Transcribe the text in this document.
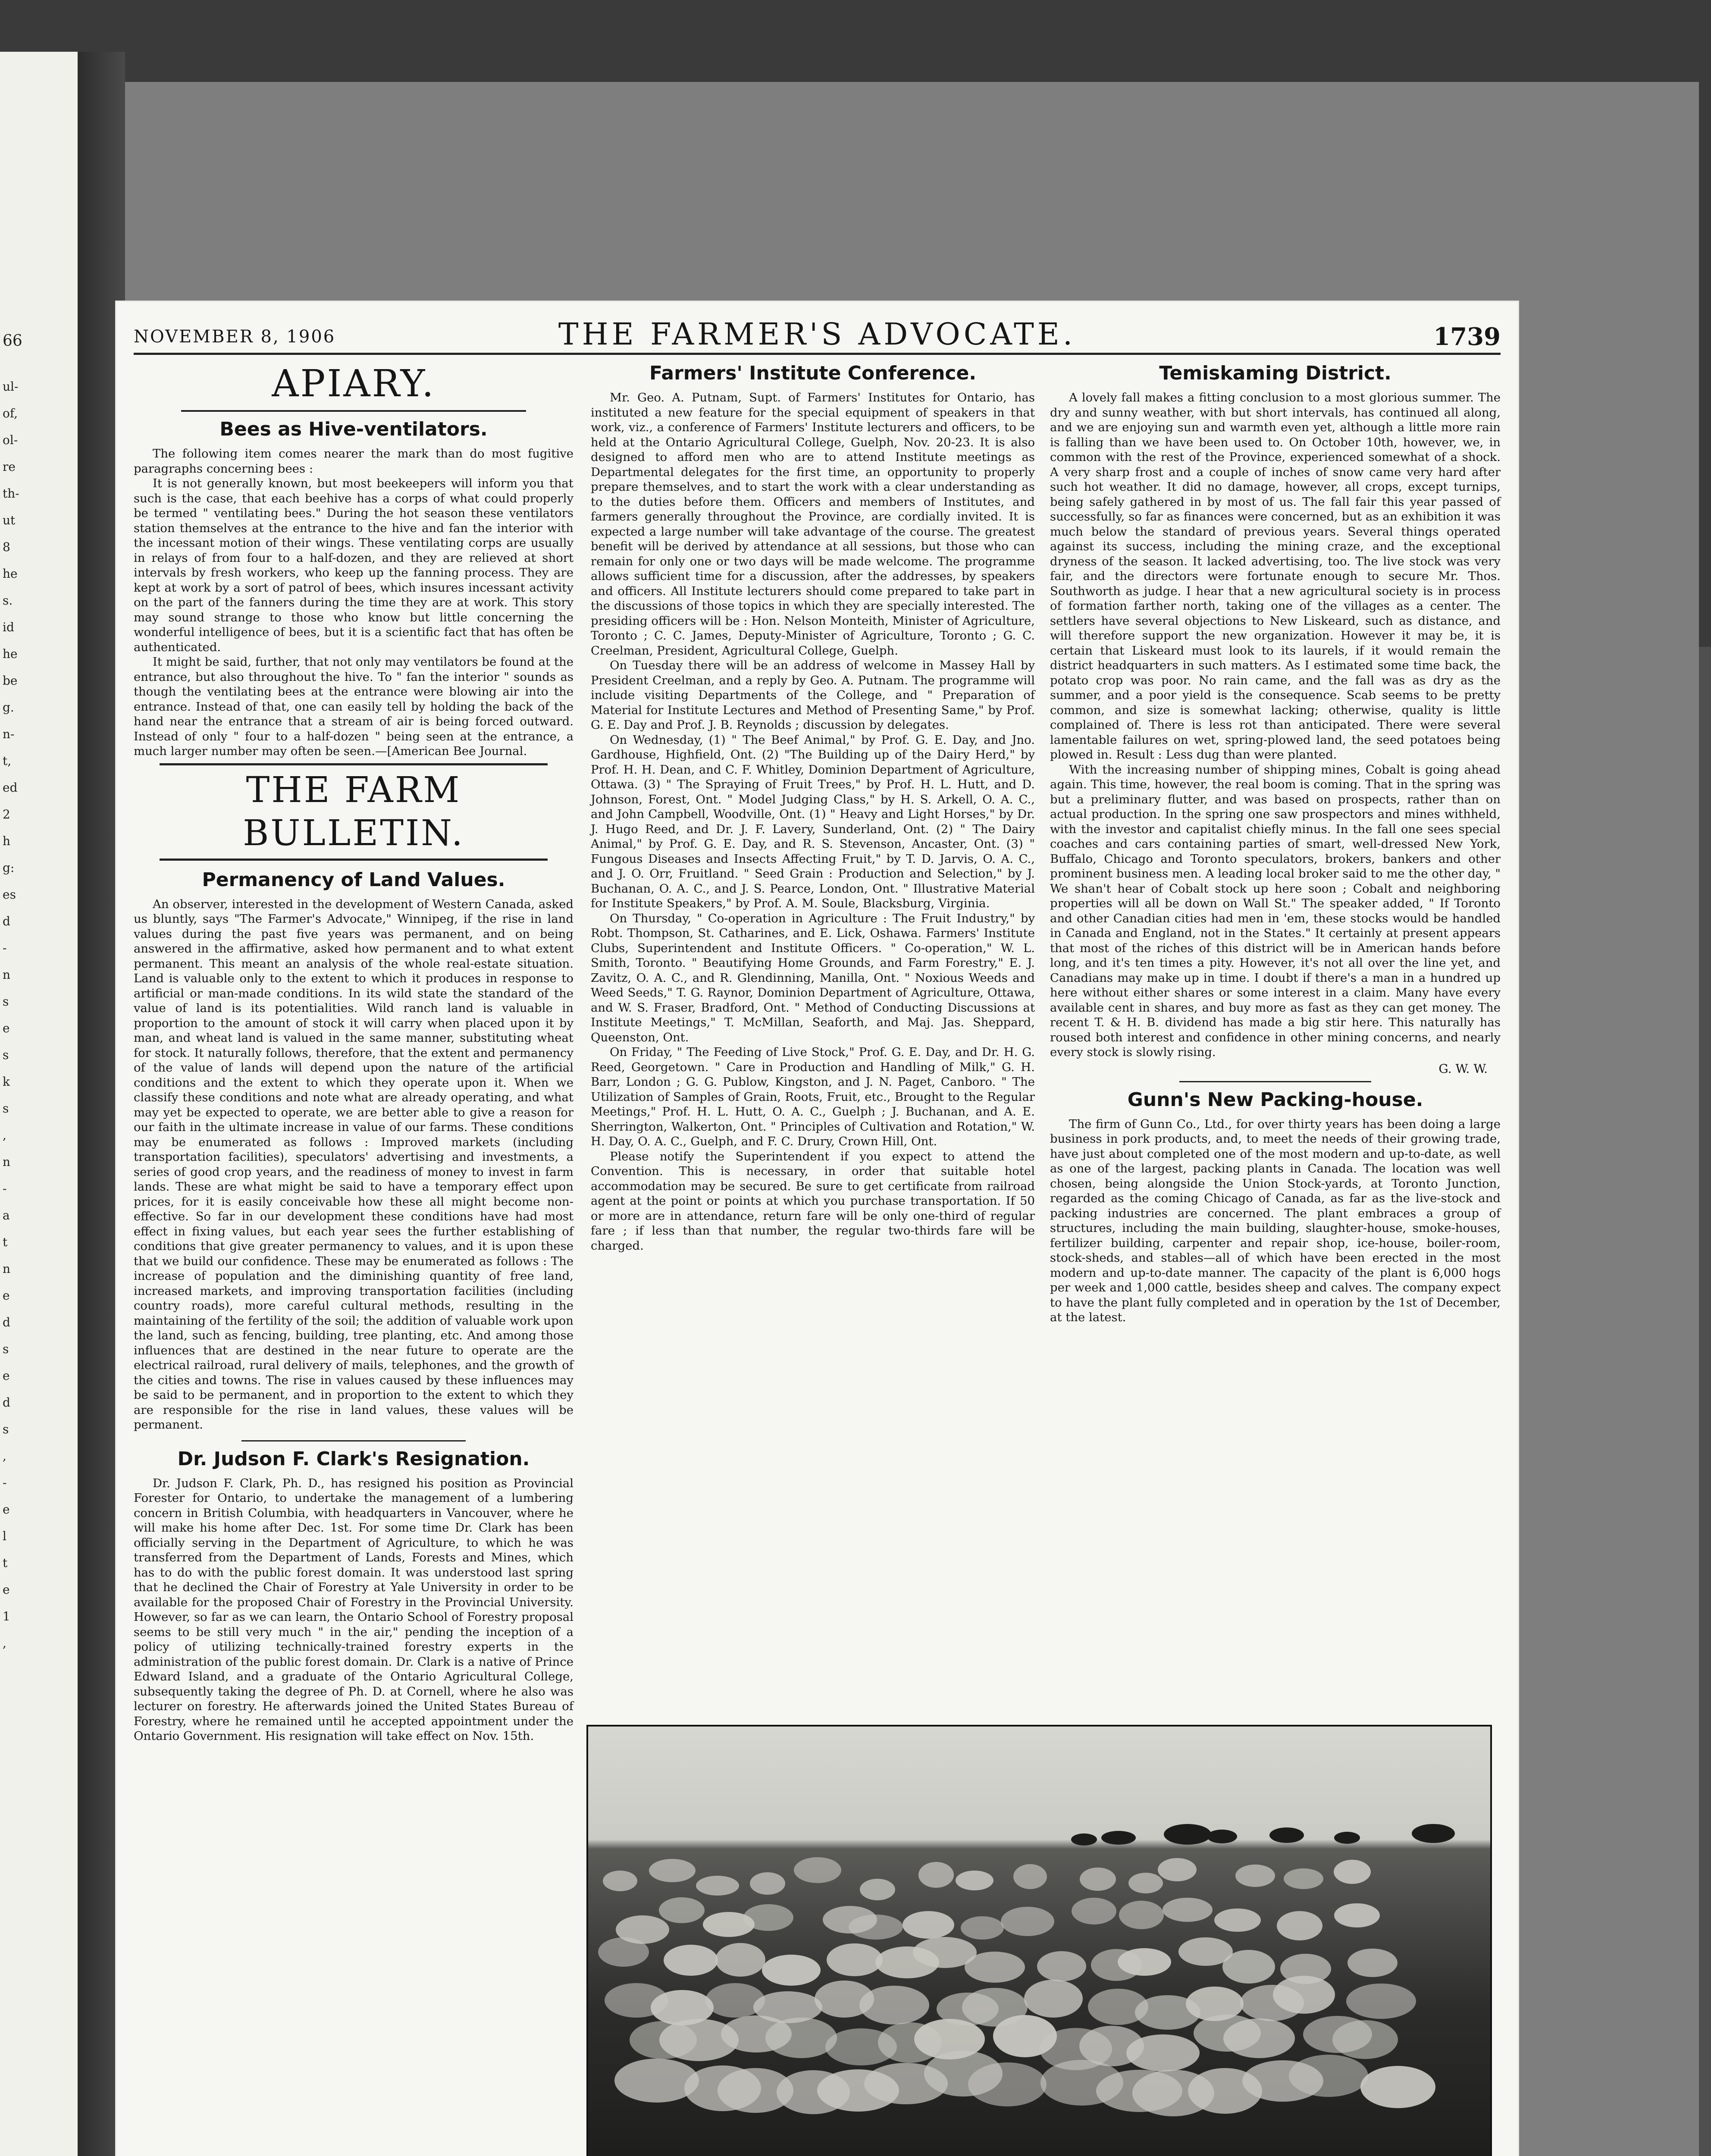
66
ul-
of,
ol-
re
th-
ut
8
he
s.
id
he
be
g.
n-
t,
ed
2
h
g:
es
d
-
n
s
e
s
k
s
,
n
-
a
t
n
e
d
s
e
d
s
,
-
e
l
t
e
1
,
NOVEMBER 8, 1906	THE FARMER'S ADVOCATE.	1739
APIARY.
Bees as Hive-ventilators.

The following item comes nearer the mark than do most fugitive paragraphs concerning bees :

It is not generally known, but most beekeepers will inform you that such is the case, that each beehive has a corps of what could properly be termed " ventilating bees." During the hot season these ventilators station themselves at the entrance to the hive and fan the interior with the incessant motion of their wings. These ventilating corps are usually in relays of from four to a half-dozen, and they are relieved at short intervals by fresh workers, who keep up the fanning process. They are kept at work by a sort of patrol of bees, which insures incessant activity on the part of the fanners during the time they are at work. This story may sound strange to those who know but little concerning the wonderful intelligence of bees, but it is a scientific fact that has often be authenticated.

It might be said, further, that not only may ventilators be found at the entrance, but also throughout the hive. To " fan the interior " sounds as though the ventilating bees at the entrance were blowing air into the entrance. Instead of that, one can easily tell by holding the back of the hand near the entrance that a stream of air is being forced outward. Instead of only " four to a half-dozen " being seen at the entrance, a much larger number may often be seen.—[American Bee Journal.

THE FARM BULLETIN.
Permanency of Land Values.

An observer, interested in the development of Western Canada, asked us bluntly, says "The Farmer's Advocate," Winnipeg, if the rise in land values during the past five years was permanent, and on being answered in the affirmative, asked how permanent and to what extent permanent. This meant an analysis of the whole real-estate situation. Land is valuable only to the extent to which it produces in response to artificial or man-made conditions. In its wild state the standard of the value of land is its potentialities. Wild ranch land is valuable in proportion to the amount of stock it will carry when placed upon it by man, and wheat land is valued in the same manner, substituting wheat for stock. It naturally follows, therefore, that the extent and permanency of the value of lands will depend upon the nature of the artificial conditions and the extent to which they operate upon it. When we classify these conditions and note what are already operating, and what may yet be expected to operate, we are better able to give a reason for our faith in the ultimate increase in value of our farms. These conditions may be enumerated as follows : Improved markets (including transportation facilities), speculators' advertising and investments, a series of good crop years, and the readiness of money to invest in farm lands. These are what might be said to have a temporary effect upon prices, for it is easily conceivable how these all might become non-effective. So far in our development these conditions have had most effect in fixing values, but each year sees the further establishing of conditions that give greater permanency to values, and it is upon these that we build our confidence. These may be enumerated as follows : The increase of population and the diminishing quantity of free land, increased markets, and improving transportation facilities (including country roads), more careful cultural methods, resulting in the maintaining of the fertility of the soil; the addition of valuable work upon the land, such as fencing, building, tree planting, etc. And among those influences that are destined in the near future to operate are the electrical railroad, rural delivery of mails, telephones, and the growth of the cities and towns. The rise in values caused by these influences may be said to be permanent, and in proportion to the extent to which they are responsible for the rise in land values, these values will be permanent.

Dr. Judson F. Clark's Resignation.

Dr. Judson F. Clark, Ph. D., has resigned his position as Provincial Forester for Ontario, to undertake the management of a lumbering concern in British Columbia, with headquarters in Vancouver, where he will make his home after Dec. 1st. For some time Dr. Clark has been officially serving in the Department of Agriculture, to which he was transferred from the Department of Lands, Forests and Mines, which has to do with the public forest domain. It was understood last spring that he declined the Chair of Forestry at Yale University in order to be available for the proposed Chair of Forestry in the Provincial University. However, so far as we can learn, the Ontario School of Forestry proposal seems to be still very much " in the air," pending the inception of a policy of utilizing technically-trained forestry experts in the administration of the public forest domain. Dr. Clark is a native of Prince Edward Island, and a graduate of the Ontario Agricultural College, subsequently taking the degree of Ph. D. at Cornell, where he also was lecturer on forestry. He afterwards joined the United States Bureau of Forestry, where he remained until he accepted appointment under the Ontario Government. His resignation will take effect on Nov. 15th.

Farmers' Institute Conference.

Mr. Geo. A. Putnam, Supt. of Farmers' Institutes for Ontario, has instituted a new feature for the special equipment of speakers in that work, viz., a conference of Farmers' Institute lecturers and officers, to be held at the Ontario Agricultural College, Guelph, Nov. 20-23. It is also designed to afford men who are to attend Institute meetings as Departmental delegates for the first time, an opportunity to properly prepare themselves, and to start the work with a clear understanding as to the duties before them. Officers and members of Institutes, and farmers generally throughout the Province, are cordially invited. It is expected a large number will take advantage of the course. The greatest benefit will be derived by attendance at all sessions, but those who can remain for only one or two days will be made welcome. The programme allows sufficient time for a discussion, after the addresses, by speakers and officers. All Institute lecturers should come prepared to take part in the discussions of those topics in which they are specially interested. The presiding officers will be : Hon. Nelson Monteith, Minister of Agriculture, Toronto ; C. C. James, Deputy-Minister of Agriculture, Toronto ; G. C. Creelman, President, Agricultural College, Guelph.

On Tuesday there will be an address of welcome in Massey Hall by President Creelman, and a reply by Geo. A. Putnam. The programme will include visiting Departments of the College, and " Preparation of Material for Institute Lectures and Method of Presenting Same," by Prof. G. E. Day and Prof. J. B. Reynolds ; discussion by delegates.

On Wednesday, (1) " The Beef Animal," by Prof. G. E. Day, and Jno. Gardhouse, Highfield, Ont. (2) "The Building up of the Dairy Herd," by Prof. H. H. Dean, and C. F. Whitley, Dominion Department of Agriculture, Ottawa. (3) " The Spraying of Fruit Trees," by Prof. H. L. Hutt, and D. Johnson, Forest, Ont. " Model Judging Class," by H. S. Arkell, O. A. C., and John Campbell, Woodville, Ont. (1) " Heavy and Light Horses," by Dr. J. Hugo Reed, and Dr. J. F. Lavery, Sunderland, Ont. (2) " The Dairy Animal," by Prof. G. E. Day, and R. S. Stevenson, Ancaster, Ont. (3) " Fungous Diseases and Insects Affecting Fruit," by T. D. Jarvis, O. A. C., and J. O. Orr, Fruitland. " Seed Grain : Production and Selection," by J. Buchanan, O. A. C., and J. S. Pearce, London, Ont. " Illustrative Material for Institute Speakers," by Prof. A. M. Soule, Blacksburg, Virginia.

On Thursday, " Co-operation in Agriculture : The Fruit Industry," by Robt. Thompson, St. Catharines, and E. Lick, Oshawa. Farmers' Institute Clubs, Superintendent and Institute Officers. " Co-operation," W. L. Smith, Toronto. " Beautifying Home Grounds, and Farm Forestry," E. J. Zavitz, O. A. C., and R. Glendinning, Manilla, Ont. " Noxious Weeds and Weed Seeds," T. G. Raynor, Dominion Department of Agriculture, Ottawa, and W. S. Fraser, Bradford, Ont. " Method of Conducting Discussions at Institute Meetings," T. McMillan, Seaforth, and Maj. Jas. Sheppard, Queenston, Ont.

On Friday, " The Feeding of Live Stock," Prof. G. E. Day, and Dr. H. G. Reed, Georgetown. " Care in Production and Handling of Milk," G. H. Barr, London ; G. G. Publow, Kingston, and J. N. Paget, Canboro. " The Utilization of Samples of Grain, Roots, Fruit, etc., Brought to the Regular Meetings," Prof. H. L. Hutt, O. A. C., Guelph ; J. Buchanan, and A. E. Sherrington, Walkerton, Ont. " Principles of Cultivation and Rotation," W. H. Day, O. A. C., Guelph, and F. C. Drury, Crown Hill, Ont.

Please notify the Superintendent if you expect to attend the Convention. This is necessary, in order that suitable hotel accommodation may be secured. Be sure to get certificate from railroad agent at the point or points at which you purchase transportation. If 50 or more are in attendance, return fare will be only one-third of regular fare ; if less than that number, the regular two-thirds fare will be charged.

Temiskaming District.

A lovely fall makes a fitting conclusion to a most glorious summer. The dry and sunny weather, with but short intervals, has continued all along, and we are enjoying sun and warmth even yet, although a little more rain is falling than we have been used to. On October 10th, however, we, in common with the rest of the Province, experienced somewhat of a shock. A very sharp frost and a couple of inches of snow came very hard after such hot weather. It did no damage, however, all crops, except turnips, being safely gathered in by most of us. The fall fair this year passed of successfully, so far as finances were concerned, but as an exhibition it was much below the standard of previous years. Several things operated against its success, including the mining craze, and the exceptional dryness of the season. It lacked advertising, too. The live stock was very fair, and the directors were fortunate enough to secure Mr. Thos. Southworth as judge. I hear that a new agricultural society is in process of formation farther north, taking one of the villages as a center. The settlers have several objections to New Liskeard, such as distance, and will therefore support the new organization. However it may be, it is certain that Liskeard must look to its laurels, if it would remain the district headquarters in such matters. As I estimated some time back, the potato crop was poor. No rain came, and the fall was as dry as the summer, and a poor yield is the consequence. Scab seems to be pretty common, and size is somewhat lacking; otherwise, quality is little complained of. There is less rot than anticipated. There were several lamentable failures on wet, spring-plowed land, the seed potatoes being plowed in. Result : Less dug than were planted.

With the increasing number of shipping mines, Cobalt is going ahead again. This time, however, the real boom is coming. That in the spring was but a preliminary flutter, and was based on prospects, rather than on actual production. In the spring one saw prospectors and mines withheld, with the investor and capitalist chiefly minus. In the fall one sees special coaches and cars containing parties of smart, well-dressed New York, Buffalo, Chicago and Toronto speculators, brokers, bankers and other prominent business men. A leading local broker said to me the other day, " We shan't hear of Cobalt stock up here soon ; Cobalt and neighboring properties will all be down on Wall St." The speaker added, " If Toronto and other Canadian cities had men in 'em, these stocks would be handled in Canada and England, not in the States." It certainly at present appears that most of the riches of this district will be in American hands before long, and it's ten times a pity. However, it's not all over the line yet, and Canadians may make up in time. I doubt if there's a man in a hundred up here without either shares or some interest in a claim. Many have every available cent in shares, and buy more as fast as they can get money. The recent T. & H. B. dividend has made a big stir here. This naturally has roused both interest and confidence in other mining concerns, and nearly every stock is slowly rising.

G. W. W.
Gunn's New Packing-house.

The firm of Gunn Co., Ltd., for over thirty years has been doing a large business in pork products, and, to meet the needs of their growing trade, have just about completed one of the most modern and up-to-date, as well as one of the largest, packing plants in Canada. The location was well chosen, being alongside the Union Stock-yards, at Toronto Junction, regarded as the coming Chicago of Canada, as far as the live-stock and packing industries are concerned. The plant embraces a group of structures, including the main building, slaughter-house, smoke-houses, fertilizer building, carpenter and repair shop, ice-house, boiler-room, stock-sheds, and stables—all of which have been erected in the most modern and up-to-date manner. The capacity of the plant is 6,000 hogs per week and 1,000 cattle, besides sheep and calves. The company expect to have the plant fully completed and in operation by the 1st of December, at the latest.
